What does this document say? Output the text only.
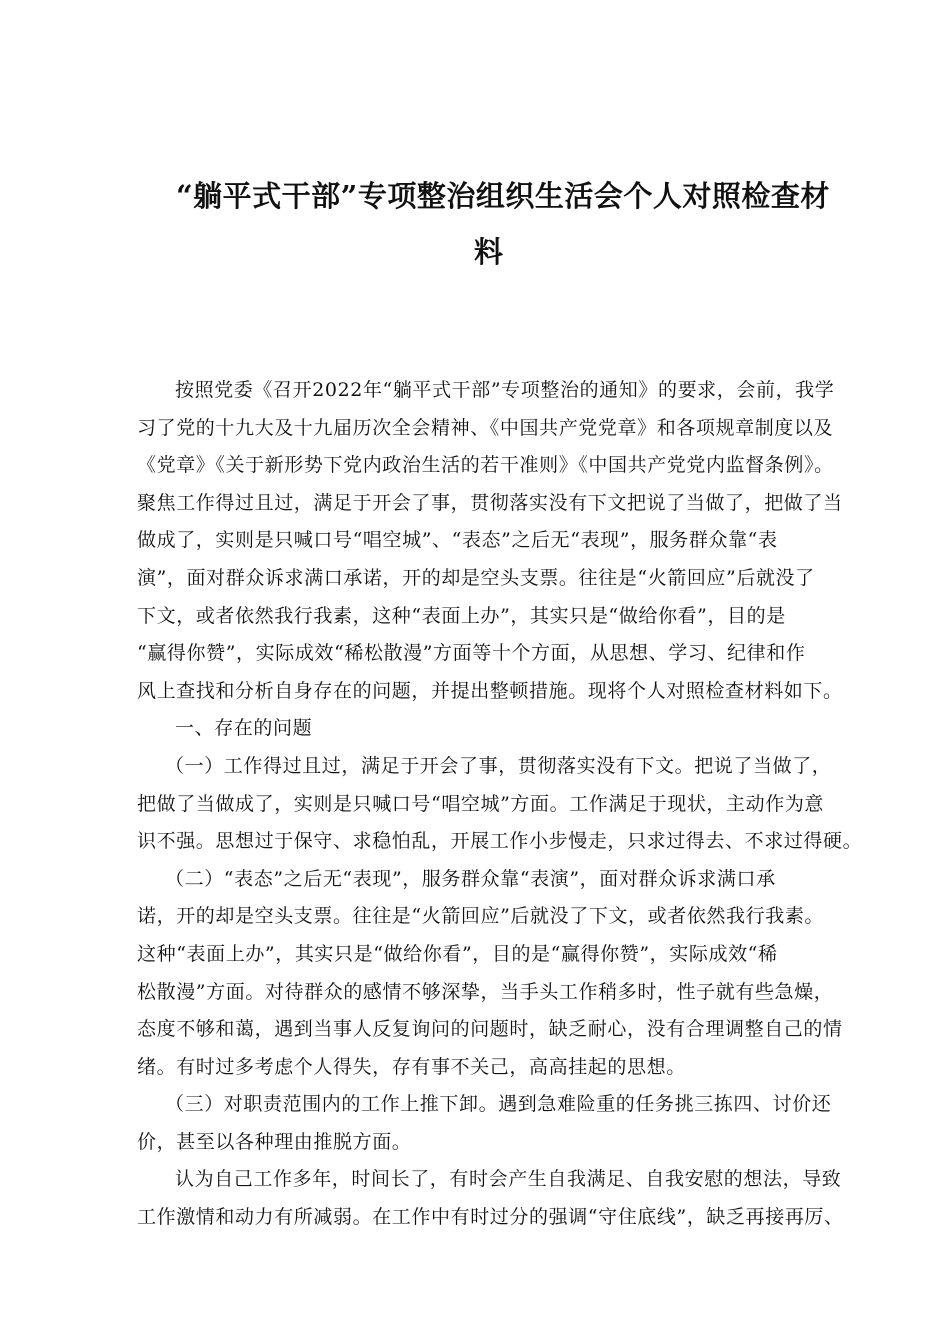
“躺平式干部”专项整治组织生活会个人对照检查材
料
按照党委《召开2022年“躺平式干部”专项整治的通知》的要求，会前，我学
习了党的十九大及十九届历次全会精神、《中国共产党党章》和各项规章制度以及
《党章》《关于新形势下党内政治生活的若干准则》《中国共产党党内监督条例》。
聚焦工作得过且过，满足于开会了事，贯彻落实没有下文把说了当做了，把做了当
做成了，实则是只喊口号“唱空城”、“表态”之后无“表现”，服务群众靠“表
演”，面对群众诉求满口承诺，开的却是空头支票。往往是“火箭回应”后就没了
下文，或者依然我行我素，这种“表面上办”，其实只是“做给你看”，目的是
“赢得你赞”，实际成效“稀松散漫”方面等十个方面，从思想、学习、纪律和作
风上查找和分析自身存在的问题，并提出整顿措施。现将个人对照检查材料如下。
一、存在的问题
（一）工作得过且过，满足于开会了事，贯彻落实没有下文。把说了当做了，
把做了当做成了，实则是只喊口号“唱空城”方面。工作满足于现状，主动作为意
识不强。思想过于保守、求稳怕乱，开展工作小步慢走，只求过得去、不求过得硬。
（二）“表态”之后无“表现”，服务群众靠“表演”，面对群众诉求满口承
诺，开的却是空头支票。往往是“火箭回应”后就没了下文，或者依然我行我素。
这种“表面上办”，其实只是“做给你看”，目的是“赢得你赞”，实际成效“稀
松散漫”方面。对待群众的感情不够深挚，当手头工作稍多时，性子就有些急燥，
态度不够和蔼，遇到当事人反复询问的问题时，缺乏耐心，没有合理调整自己的情
绪。有时过多考虑个人得失，存有事不关己，高高挂起的思想。
（三）对职责范围内的工作上推下卸。遇到急难险重的任务挑三拣四、讨价还
价，甚至以各种理由推脱方面。
认为自己工作多年，时间长了，有时会产生自我满足、自我安慰的想法，导致
工作激情和动力有所减弱。在工作中有时过分的强调“守住底线”，缺乏再接再厉、
